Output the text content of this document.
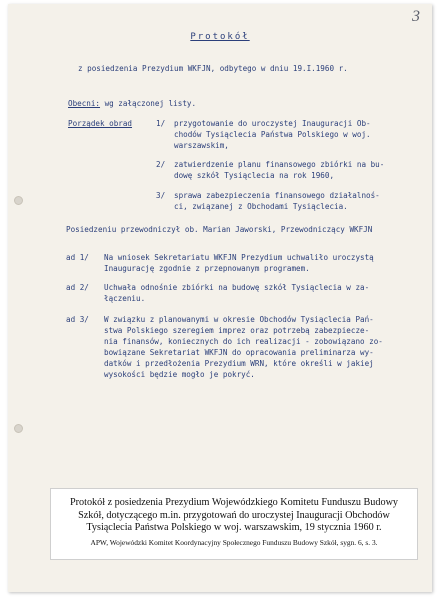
3
Protokół
z posiedzenia Prezydium WKFJN, odbytego w dniu 19.I.1960 r.
Obecni: wg załączonej listy.
Porządek obrad	1/ przygotowanie do uroczystej Inauguracji Ob-
chodów Tysiąclecia Państwa Polskiego w woj.
warszawskim,
2/ zatwierdzenie planu finansowego zbiórki na bu-
dowę szkół Tysiąclecia na rok 1960,
3/ sprawa zabezpieczenia finansowego działalnoś-
ci, związanej z Obchodami Tysiąclecia.
Posiedzeniu przewodniczył ob. Marian Jaworski, Przewodniczący WKFJN
ad 1/ Na wniosek Sekretariatu WKFJN Prezydium uchwaliło uroczystą
Inaugurację zgodnie z przepnowanym programem.
ad 2/ Uchwała odnośnie zbiórki na budowę szkół Tysiąclecia w za-
łączeniu.
ad 3/ W związku z planowanymi w okresie Obchodów Tysiąclecia Pań-
stwa Polskiego szeregiem imprez oraz potrzebą zabezpiecze-
nia finansów, koniecznych do ich realizacji - zobowiązano zo-
bowiązane Sekretariat WKFJN do opracowania preliminarza wy-
datków i przedłożenia Prezydium WRN, które określi w jakiej
wysokości będzie mogło je pokryć.
Protokół z posiedzenia Prezydium Wojewódzkiego Komitetu Funduszu Budowy Szkół, dotyczącego m.in. przygotowań do uroczystej Inauguracji Obchodów Tysiąclecia Państwa Polskiego w woj. warszawskim, 19 stycznia 1960 r.
APW, Wojewódzki Komitet Koordynacyjny Społecznego Funduszu Budowy Szkół, sygn. 6, s. 3.
